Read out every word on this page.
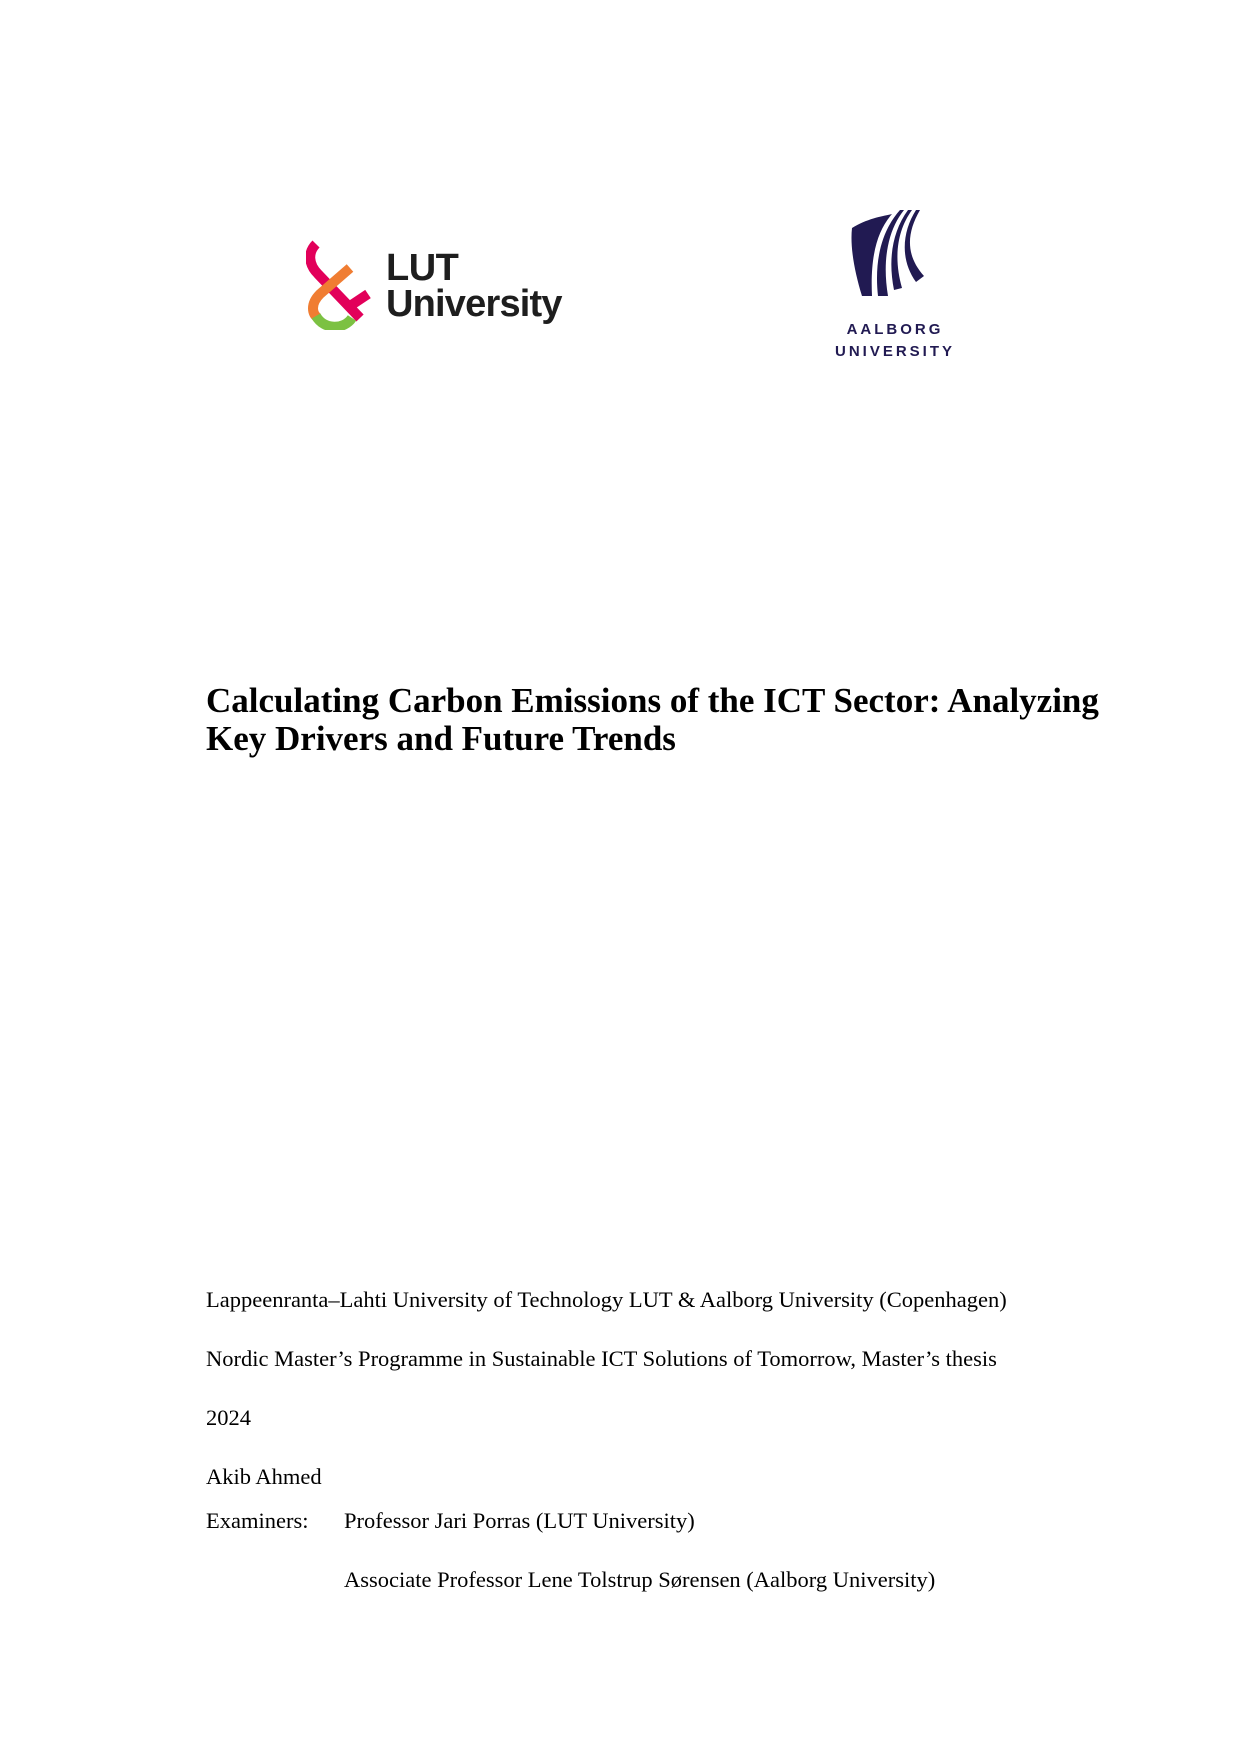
LUT
University
AALBORG
UNIVERSITY
Calculating Carbon Emissions of the ICT Sector: Analyzing
Key Drivers and Future Trends
Lappeenranta–Lahti University of Technology LUT & Aalborg University (Copenhagen)
Nordic Master’s Programme in Sustainable ICT Solutions of Tomorrow, Master’s thesis
2024
Akib Ahmed
Examiners: Professor Jari Porras (LUT University)
Associate Professor Lene Tolstrup Sørensen (Aalborg University)
